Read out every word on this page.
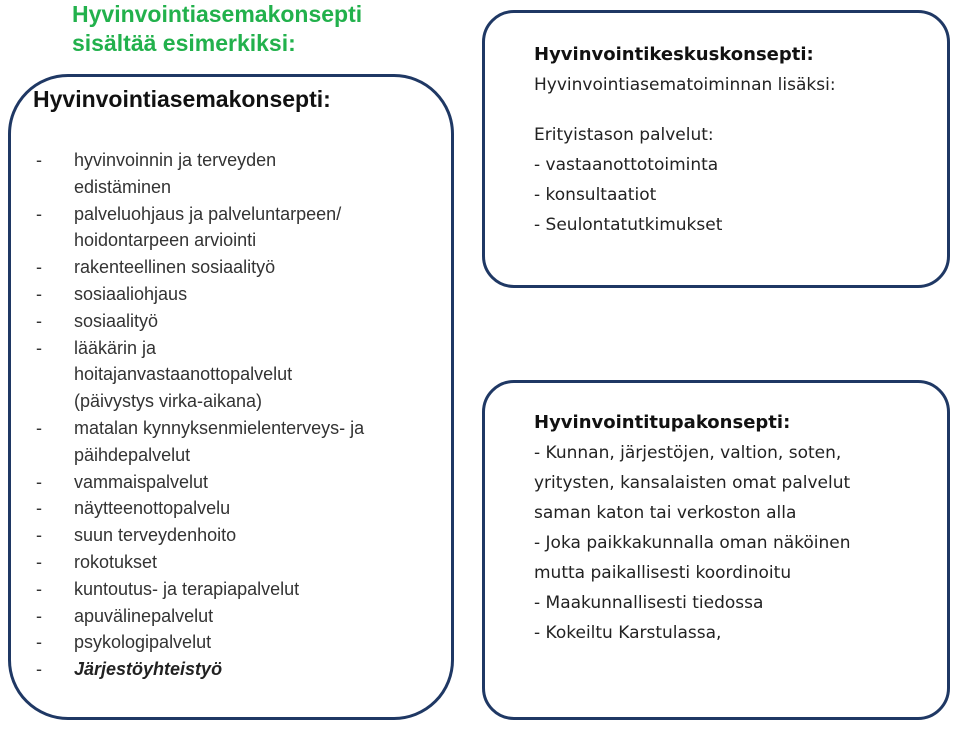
Hyvinvointiasemakonsepti
sisältää esimerkiksi:
Hyvinvointiasemakonsepti:
- hyvinvoinnin ja terveyden
edistäminen
- palveluohjaus ja palveluntarpeen/
hoidontarpeen arviointi
- rakenteellinen sosiaalityö
- sosiaaliohjaus
- sosiaalityö
- lääkärin ja
hoitajanvastaanottopalvelut
(päivystys virka-aikana)
- matalan kynnyksenmielenterveys- ja
päihdepalvelut
- vammaispalvelut
- näytteenottopalvelu
- suun terveydenhoito
- rokotukset
- kuntoutus- ja terapiapalvelut
- apuvälinepalvelut
- psykologipalvelut
- Järjestöyhteistyö
Hyvinvointikeskuskonsepti:
Hyvinvointiasematoiminnan lisäksi:
Erityistason palvelut:
- vastaanottotoiminta
- konsultaatiot
- Seulontatutkimukset
Hyvinvointitupakonsepti:
- Kunnan, järjestöjen, valtion, soten,
yritysten, kansalaisten omat palvelut
saman katon tai verkoston alla
- Joka paikkakunnalla oman näköinen
mutta paikallisesti koordinoitu
- Maakunnallisesti tiedossa
- Kokeiltu Karstulassa,
